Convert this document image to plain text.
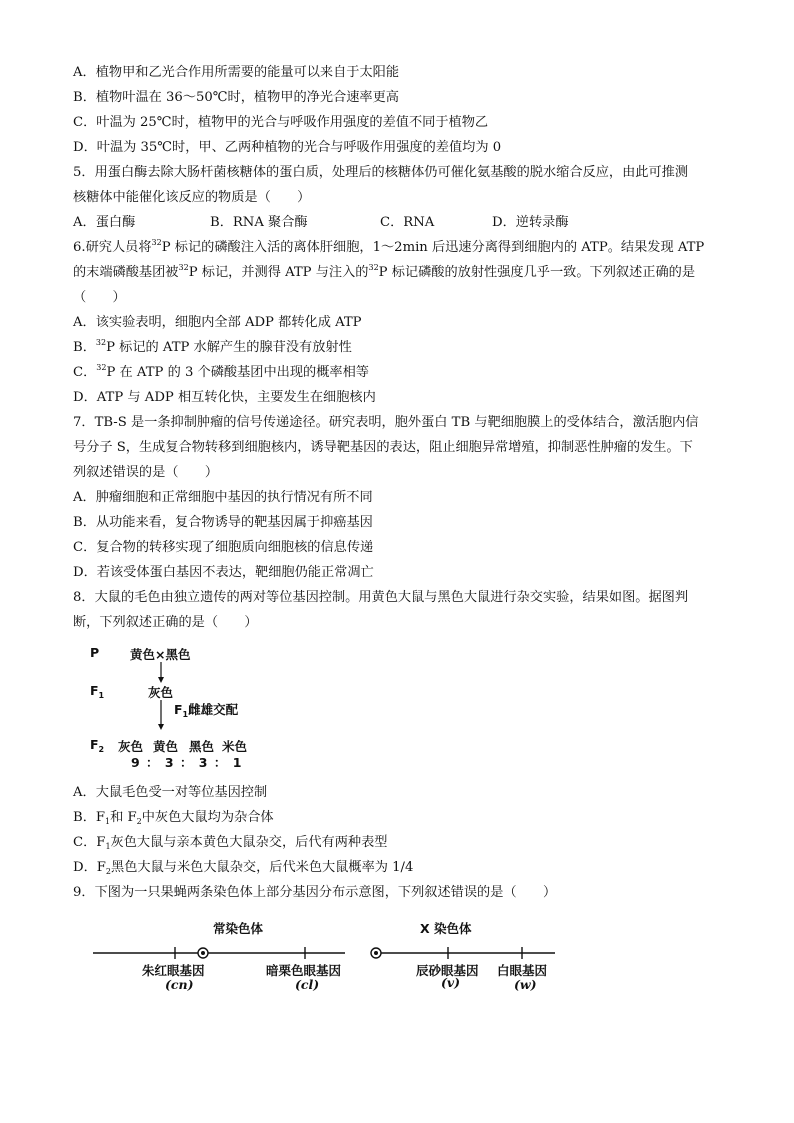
A．植物甲和乙光合作用所需要的能量可以来自于太阳能
B．植物叶温在 36～50℃时，植物甲的净光合速率更高
C．叶温为 25℃时，植物甲的光合与呼吸作用强度的差值不同于植物乙
D．叶温为 35℃时，甲、乙两种植物的光合与呼吸作用强度的差值均为 0
5．用蛋白酶去除大肠杆菌核糖体的蛋白质，处理后的核糖体仍可催化氨基酸的脱水缩合反应，由此可推测
核糖体中能催化该反应的物质是（　　）
A．蛋白酶	B．RNA 聚合酶	C．RNA	D．逆转录酶
6.研究人员将$^{32}$P 标记的磷酸注入活的离体肝细胞，1～2min 后迅速分离得到细胞内的 ATP。结果发现 ATP
的末端磷酸基团被$^{32}$P 标记，并测得 ATP 与注入的$^{32}$P 标记磷酸的放射性强度几乎一致。下列叙述正确的是
（　　）
A．该实验表明，细胞内全部 ADP 都转化成 ATP
B．$^{32}$P 标记的 ATP 水解产生的腺苷没有放射性
C．$^{32}$P 在 ATP 的 3 个磷酸基团中出现的概率相等
D．ATP 与 ADP 相互转化快，主要发生在细胞核内
7．TB-S 是一条抑制肿瘤的信号传递途径。研究表明，胞外蛋白 TB 与靶细胞膜上的受体结合，激活胞内信
号分子 S，生成复合物转移到细胞核内，诱导靶基因的表达，阻止细胞异常增殖，抑制恶性肿瘤的发生。下
列叙述错误的是（　　）
A．肿瘤细胞和正常细胞中基因的执行情况有所不同
B．从功能来看，复合物诱导的靶基因属于抑癌基因
C．复合物的转移实现了细胞质向细胞核的信息传递
D．若该受体蛋白基因不表达，靶细胞仍能正常凋亡
8．大鼠的毛色由独立遗传的两对等位基因控制。用黄色大鼠与黑色大鼠进行杂交实验，结果如图。据图判
断，下列叙述正确的是（　　）
P 黄色×黑色
$F_1$	灰色
$F_1$雌雄交配
$F_2$ 灰色 黄色 黑色 米色
9 ： 3 ： 3 ： 1
A．大鼠毛色受一对等位基因控制
B．$F_1$和 $F_2$中灰色大鼠均为杂合体
C．$F_1$灰色大鼠与亲本黄色大鼠杂交，后代有两种表型
D．$F_2$黑色大鼠与米色大鼠杂交，后代米色大鼠概率为 1/4
9．下图为一只果蝇两条染色体上部分基因分布示意图，下列叙述错误的是（　　）
常染色体	X 染色体
朱红眼基因
(cn)
暗栗色眼基因
(cl)
辰砂眼基因
(v)
白眼基因
(w)
